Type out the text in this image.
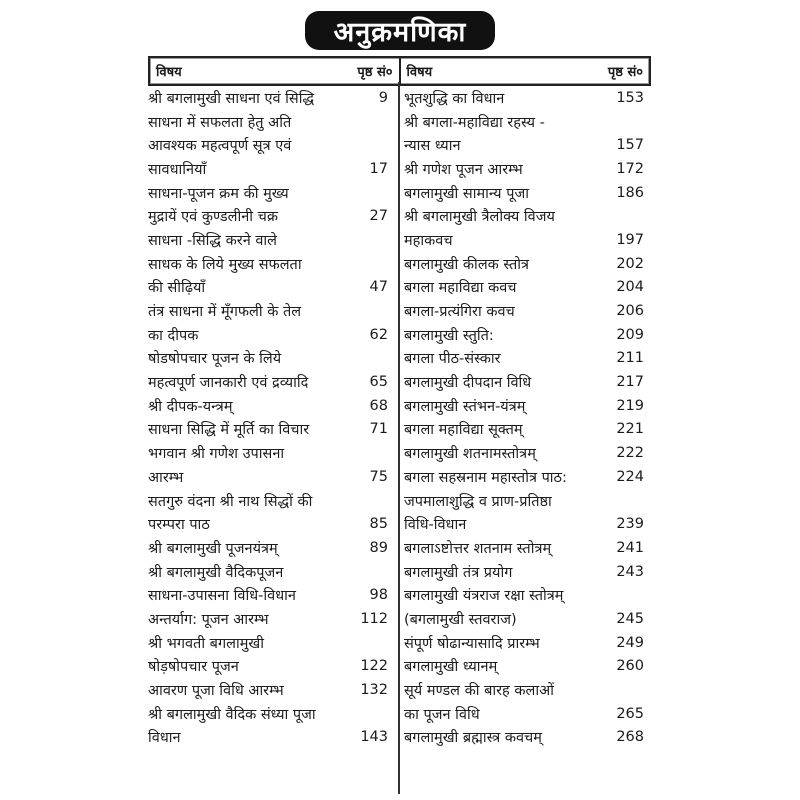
अनुक्रमणिका
विषय	पृष्ठ सं० विषय	पृष्ठ सं०
श्री बगलामुखी साधना एवं सिद्धि	9
साधना में सफलता हेतु अति
आवश्यक महत्वपूर्ण सूत्र एवं
सावधानियाँ	17
साधना-पूजन क्रम की मुख्य
मुद्रायें एवं कुण्डलीनी चक्र	27
साधना -सिद्धि करने वाले
साधक के लिये मुख्य सफलता
की सीढ़ियाँ	47
तंत्र साधना में मूँगफली के तेल
का दीपक	62
षोडषोपचार पूजन के लिये
महत्वपूर्ण जानकारी एवं द्रव्यादि	65
श्री दीपक-यन्त्रम्	68
साधना सिद्धि में मूर्ति का विचार	71
भगवान श्री गणेश उपासना
आरम्भ	75
सतगुरु वंदना श्री नाथ सिद्धों की
परम्परा पाठ	85
श्री बगलामुखी पूजनयंत्रम्	89
श्री बगलामुखी वैदिकपूजन
साधना-उपासना विधि-विधान	98
अन्तर्याग: पूजन आरम्भ	112
श्री भगवती बगलामुखी
षोड़षोपचार पूजन	122
आवरण पूजा विधि आरम्भ	132
श्री बगलामुखी वैदिक संध्या पूजा
विधान	143
भूतशुद्धि का विधान	153
श्री बगला-महाविद्या रहस्य -
न्यास ध्यान	157
श्री गणेश पूजन आरम्भ	172
बगलामुखी सामान्य पूजा	186
श्री बगलामुखी त्रैलोक्य विजय
महाकवच	197
बगलामुखी कीलक स्तोत्र	202
बगला महाविद्या कवच	204
बगला-प्रत्यंगिरा कवच	206
बगलामुखी स्तुति:	209
बगला पीठ-संस्कार	211
बगलामुखी दीपदान विधि	217
बगलामुखी स्तंभन-यंत्रम्	219
बगला महाविद्या सूक्तम्	221
बगलामुखी शतनामस्तोत्रम्	222
बगला सहस्रनाम महास्तोत्र पाठ:	224
जपमालाशुद्धि व प्राण-प्रतिष्ठा
विधि-विधान	239
बगलाऽष्टोत्तर शतनाम स्तोत्रम्	241
बगलामुखी तंत्र प्रयोग	243
बगलामुखी यंत्रराज रक्षा स्तोत्रम्
(बगलामुखी स्तवराज)	245
संपूर्ण षोढान्यासादि प्रारम्भ	249
बगलामुखी ध्यानम्	260
सूर्य मण्डल की बारह कलाओं
का पूजन विधि	265
बगलामुखी ब्रह्मास्त्र कवचम्	268
